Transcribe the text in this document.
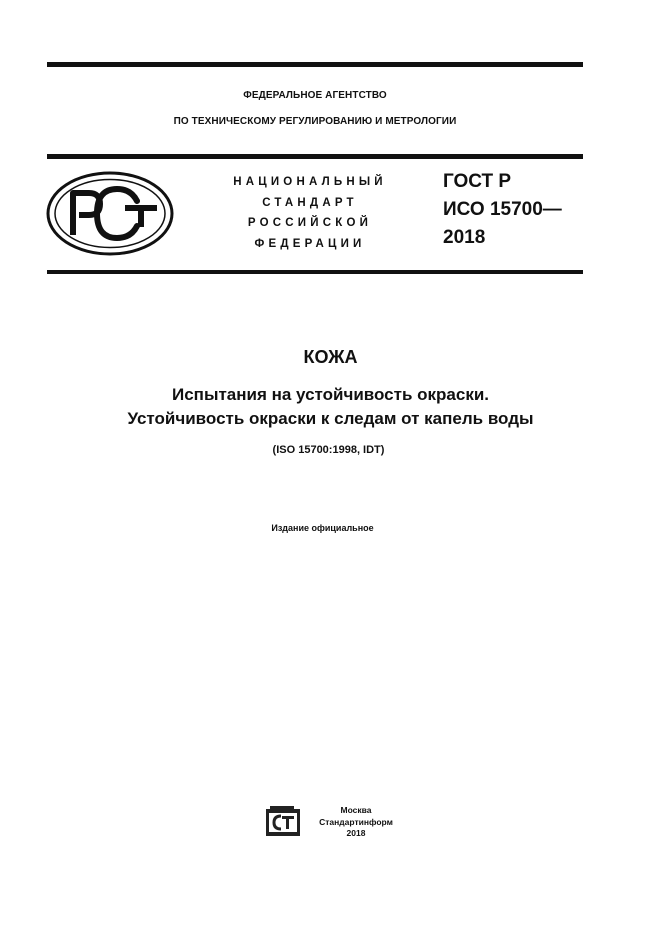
ФЕДЕРАЛЬНОЕ АГЕНТСТВО
ПО ТЕХНИЧЕСКОМУ РЕГУЛИРОВАНИЮ И МЕТРОЛОГИИ
НАЦИОНАЛЬНЫЙ
СТАНДАРТ
РОССИЙСКОЙ
ФЕДЕРАЦИИ
ГОСТ Р
ИСО 15700—
2018
КОЖА
Испытания на устойчивость окраски.
Устойчивость окраски к следам от капель воды
(ISO 15700:1998, IDT)
Издание официальное
Москва
Стандартинформ
2018
